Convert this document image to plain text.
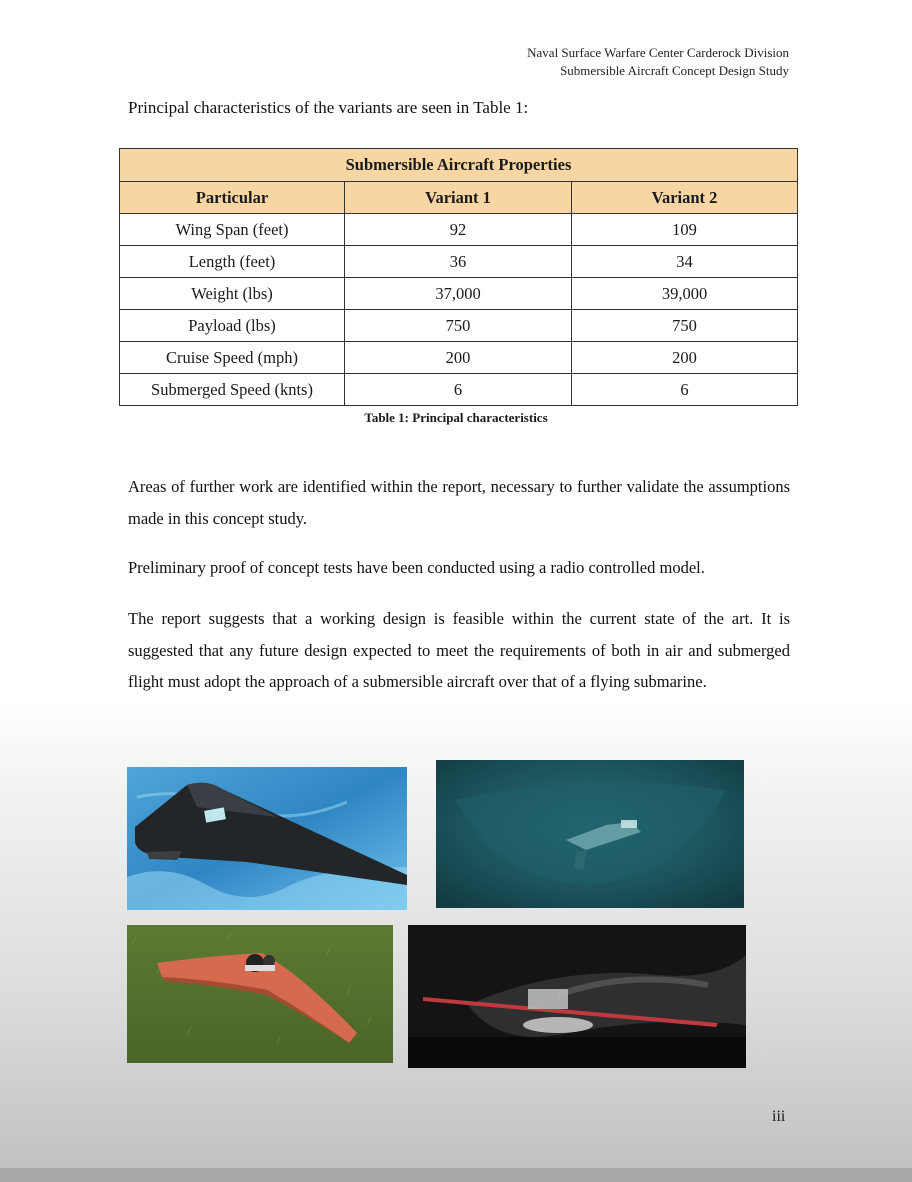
Naval Surface Warfare Center Carderock Division
Submersible Aircraft Concept Design Study
Principal characteristics of the variants are seen in Table 1:
Submersible Aircraft Properties		
Particular	Variant 1	Variant 2
Wing Span (feet)	92	109
Length (feet)	36	34
Weight (lbs)	37,000	39,000
Payload (lbs)	750	750
Cruise Speed (mph)	200	200
Submerged Speed (knts)	6	6
Table 1: Principal characteristics
Areas of further work are identified within the report, necessary to further validate the assumptions made in this concept study.
Preliminary proof of concept tests have been conducted using a radio controlled model.
The report suggests that a working design is feasible within the current state of the art. It is suggested that any future design expected to meet the requirements of both in air and submerged flight must adopt the approach of a submersible aircraft over that of a flying submarine.
iii
